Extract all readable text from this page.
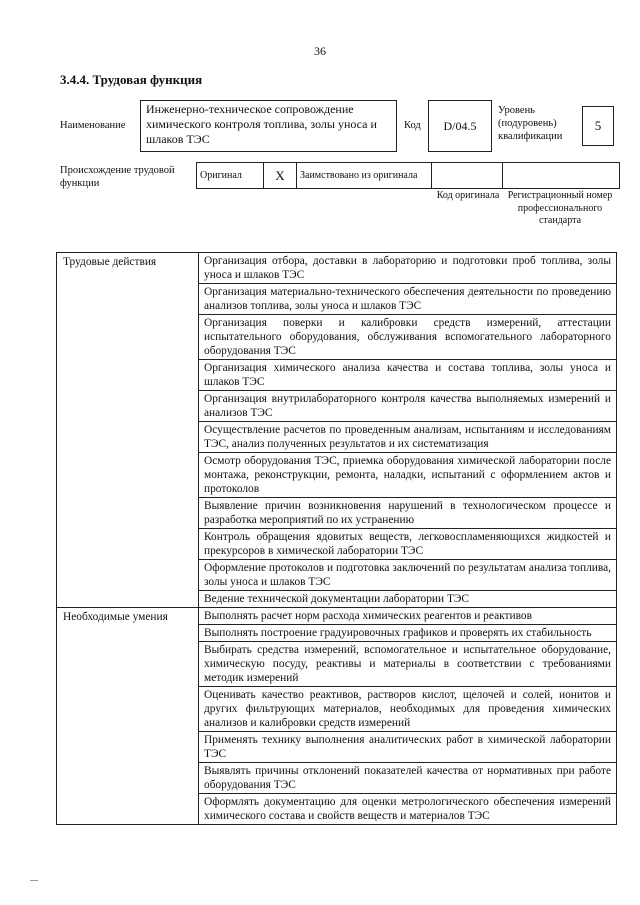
36
3.4.4. Трудовая функция
Наименование
Инженерно-техническое сопровождение химического контроля топлива, золы уноса и шлаков ТЭС
Код	D/04.5
Уровень (подуровень) квалификации
5
Происхождение трудовой функции
Оригинал	X	Заимствовано из оригинала		
Код оригинала Регистрационный номер профессионального стандарта
Трудовые действия	Организация отбора, доставки в лабораторию и подготовки проб топлива, золы уноса и шлаков ТЭС
	Организация материально-технического обеспечения деятельности по проведению анализов топлива, золы уноса и шлаков ТЭС
	Организация поверки и калибровки средств измерений, аттестации испытательного оборудования, обслуживания вспомогательного лабораторного оборудования ТЭС
	Организация химического анализа качества и состава топлива, золы уноса и шлаков ТЭС
	Организация внутрилабораторного контроля качества выполняемых измерений и анализов ТЭС
	Осуществление расчетов по проведенным анализам, испытаниям и исследованиям ТЭС, анализ полученных результатов и их систематизация
	Осмотр оборудования ТЭС, приемка оборудования химической лаборатории после монтажа, реконструкции, ремонта, наладки, испытаний с оформлением актов и протоколов
	Выявление причин возникновения нарушений в технологическом процессе и разработка мероприятий по их устранению
	Контроль обращения ядовитых веществ, легковоспламеняющихся жидкостей и прекурсоров в химической лаборатории ТЭС
	Оформление протоколов и подготовка заключений по результатам анализа топлива, золы уноса и шлаков ТЭС
	Ведение технической документации лаборатории ТЭС
Необходимые умения	Выполнять расчет норм расхода химических реагентов и реактивов
	Выполнять построение градуировочных графиков и проверять их стабильность
	Выбирать средства измерений, вспомогательное и испытательное оборудование, химическую посуду, реактивы и материалы в соответствии с требованиями методик измерений
	Оценивать качество реактивов, растворов кислот, щелочей и солей, ионитов и других фильтрующих материалов, необходимых для проведения химических анализов и калибровки средств измерений
	Применять технику выполнения аналитических работ в химической лаборатории ТЭС
	Выявлять причины отклонений показателей качества от нормативных при работе оборудования ТЭС
	Оформлять документацию для оценки метрологического обеспечения измерений химического состава и свойств веществ и материалов ТЭС
